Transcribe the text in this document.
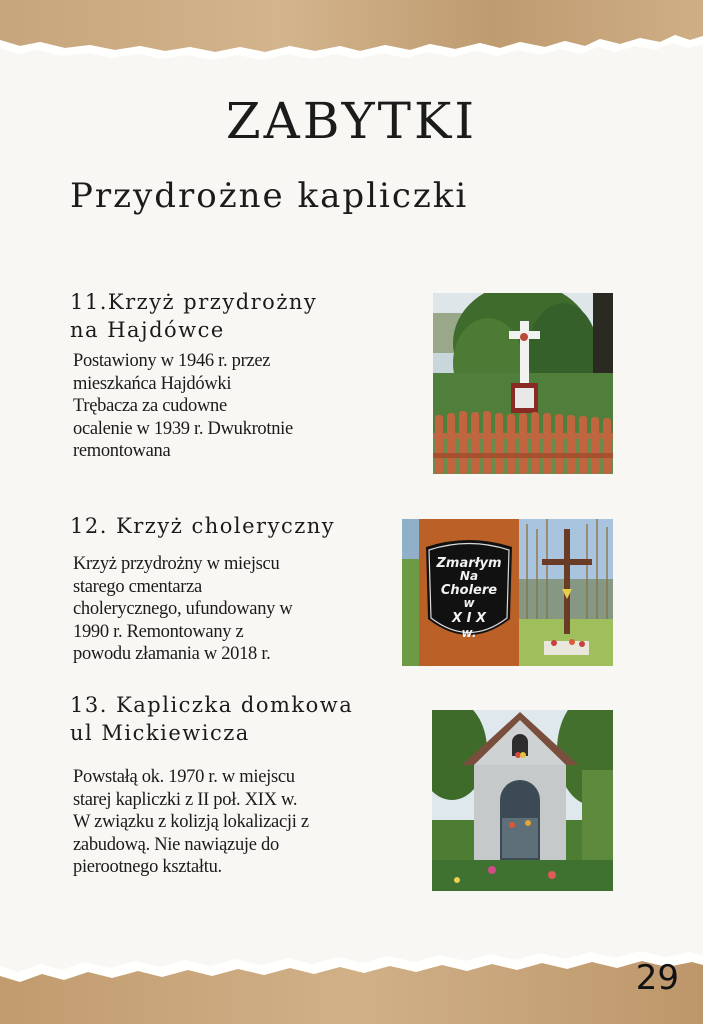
ZABYTKI
Przydrożne kapliczki
11.Krzyż przydrożny
na Hajdówce

Postawiony w 1946 r. przez
mieszkańca Hajdówki
Trębacza za cudowne
ocalenie w 1939 r. Dwukrotnie
remontowana

12. Krzyż choleryczny

Krzyż przydrożny w miejscu
starego cmentarza
cholerycznego, ufundowany w
1990 r. Remontowany z
powodu złamania w 2018 r.

Zmarłym
Na
Cholere
w
X I X
w.
13. Kapliczka domkowa
ul Mickiewicza

Powstałą ok. 1970 r. w miejscu
starej kapliczki z II poł. XIX w.
W związku z kolizją lokalizacji z
zabudową. Nie nawiązuje do
pierootnego kształtu.

29
